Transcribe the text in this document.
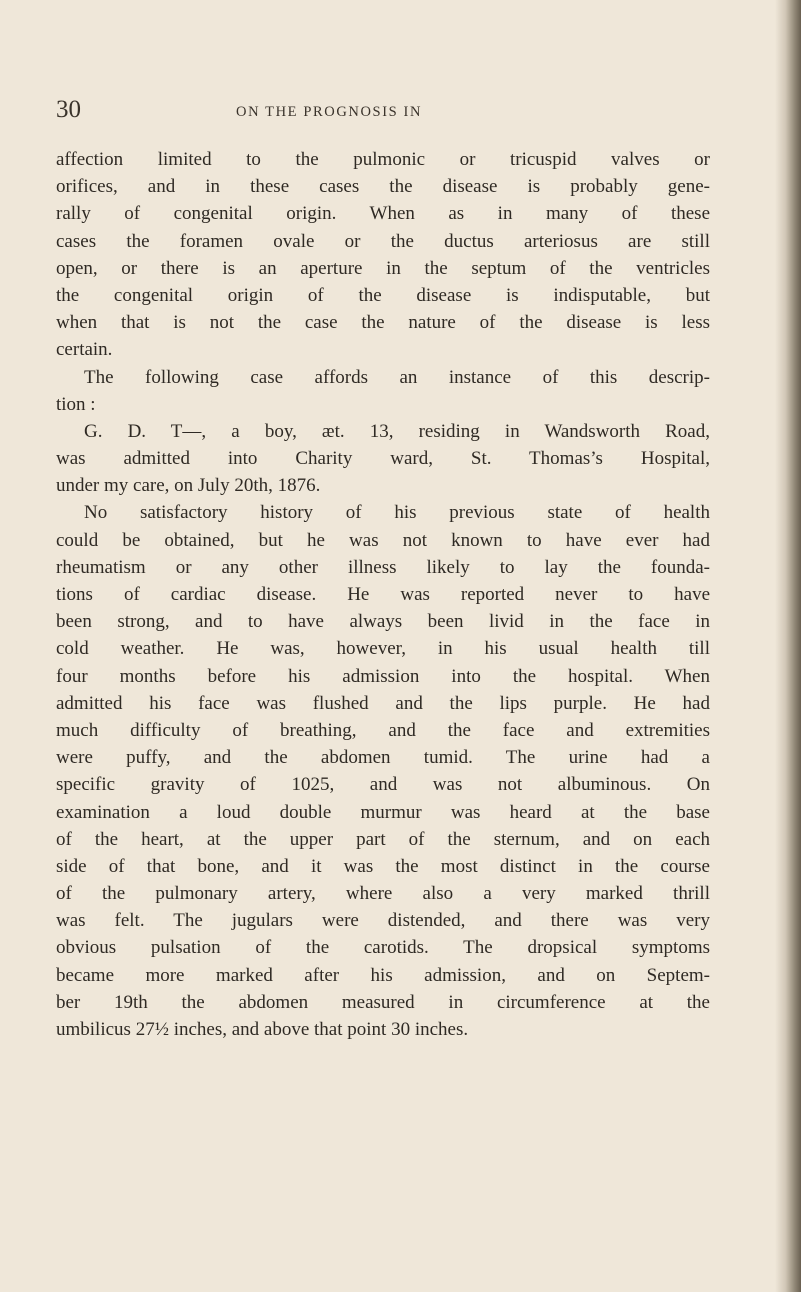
30	ON THE PROGNOSIS IN
affection limited to the pulmonic or tricuspid valves or
orifices, and in these cases the disease is probably gene-
rally of congenital origin. When as in many of these
cases the foramen ovale or the ductus arteriosus are still
open, or there is an aperture in the septum of the ventricles
the congenital origin of the disease is indisputable, but
when that is not the case the nature of the disease is less
certain.
The following case affords an instance of this descrip-
tion :
G. D. T—, a boy, æt. 13, residing in Wandsworth Road,
was admitted into Charity ward, St. Thomas’s Hospital,
under my care, on July 20th, 1876.
No satisfactory history of his previous state of health
could be obtained, but he was not known to have ever had
rheumatism or any other illness likely to lay the founda-
tions of cardiac disease. He was reported never to have
been strong, and to have always been livid in the face in
cold weather. He was, however, in his usual health till
four months before his admission into the hospital. When
admitted his face was flushed and the lips purple. He had
much difficulty of breathing, and the face and extremities
were puffy, and the abdomen tumid. The urine had a
specific gravity of 1025, and was not albuminous. On
examination a loud double murmur was heard at the base
of the heart, at the upper part of the sternum, and on each
side of that bone, and it was the most distinct in the course
of the pulmonary artery, where also a very marked thrill
was felt. The jugulars were distended, and there was very
obvious pulsation of the carotids. The dropsical symptoms
became more marked after his admission, and on Septem-
ber 19th the abdomen measured in circumference at the
umbilicus 27½ inches, and above that point 30 inches.
